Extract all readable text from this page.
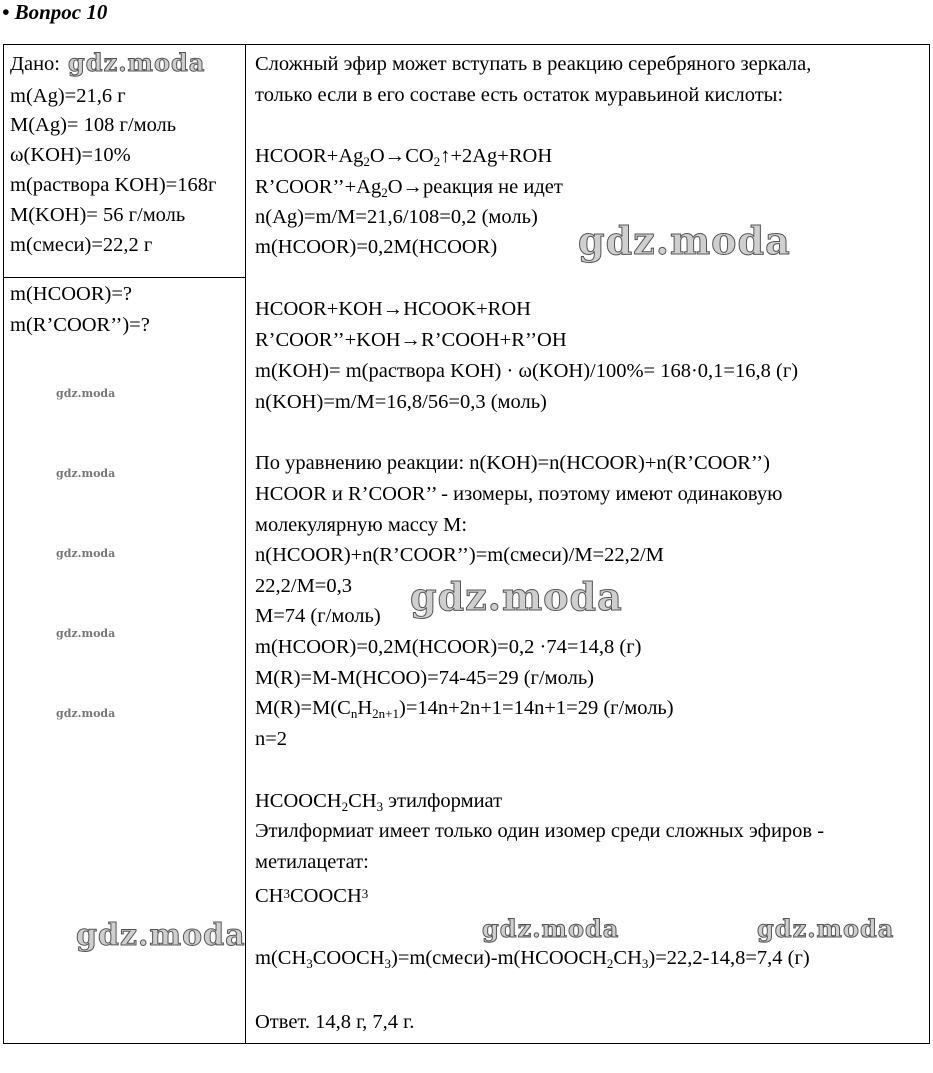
• Вопрос 10
Дано:
m(Ag)=21,6 г
M(Ag)= 108 г/моль
ω(KOH)=10%
m(раствора KOH)=168г
M(KOH)= 56 г/моль
m(смеси)=22,2 г
m(HCOOR)=?
m(R’COOR’’)=?
Сложный эфир может вступать в реакцию серебряного зеркала,
только если в его составе есть остаток муравьиной кислоты:
$HCOOR+Ag_2O\to CO_2↑+2Ag+ROH$
$R’COOR’’+Ag_2O\to реакция$ не идет
n(Ag)=m/M=21,6/108=0,2 (моль)
m(HCOOR)=0,2M(HCOOR)
HCOOR+KOH→HCOOK+ROH
R’COOR’’+KOH→R’COOH+R’’OH
m(KOH)= m(раствора KOH) · ω(KOH)/100%= 168·0,1=16,8 (г)
n(KOH)=m/M=16,8/56=0,3 (моль)
По уравнению реакции: n(KOH)=n(HCOOR)+n(R’COOR’’)
HCOOR и R’COOR’’ - изомеры, поэтому имеют одинаковую
молекулярную массу М:
n(HCOOR)+n(R’COOR’’)=m(смеси)/M=22,2/M
22,2/M=0,3
M=74 (г/моль)
m(HCOOR)=0,2M(HCOOR)=0,2 ·74=14,8 (г)
M(R)=M-M(HCOO)=74-45=29 (г/моль)
$M(R)=M(C_nH_{2n+1})=14n+2n+1=14n+1=29$ (г/моль)
n=2
$HCOOCH_2CH_3$ этилформиат
Этилформиат имеет только один изомер среди сложных эфиров -
метилацетат:
$CH_3COOCH_3$
$m(CH_3COOCH_3)=m(смеси)-m(HCOOCH_2CH_3)=22,2-14,8=7,4$ (г)
Ответ. 14,8 г, 7,4 г.
gdz.moda
gdz.moda
gdz.moda
gdz.moda
gdz.moda
gdz.moda
gdz.moda
gdz.moda
gdz.moda	gdz.moda	gdz.moda
